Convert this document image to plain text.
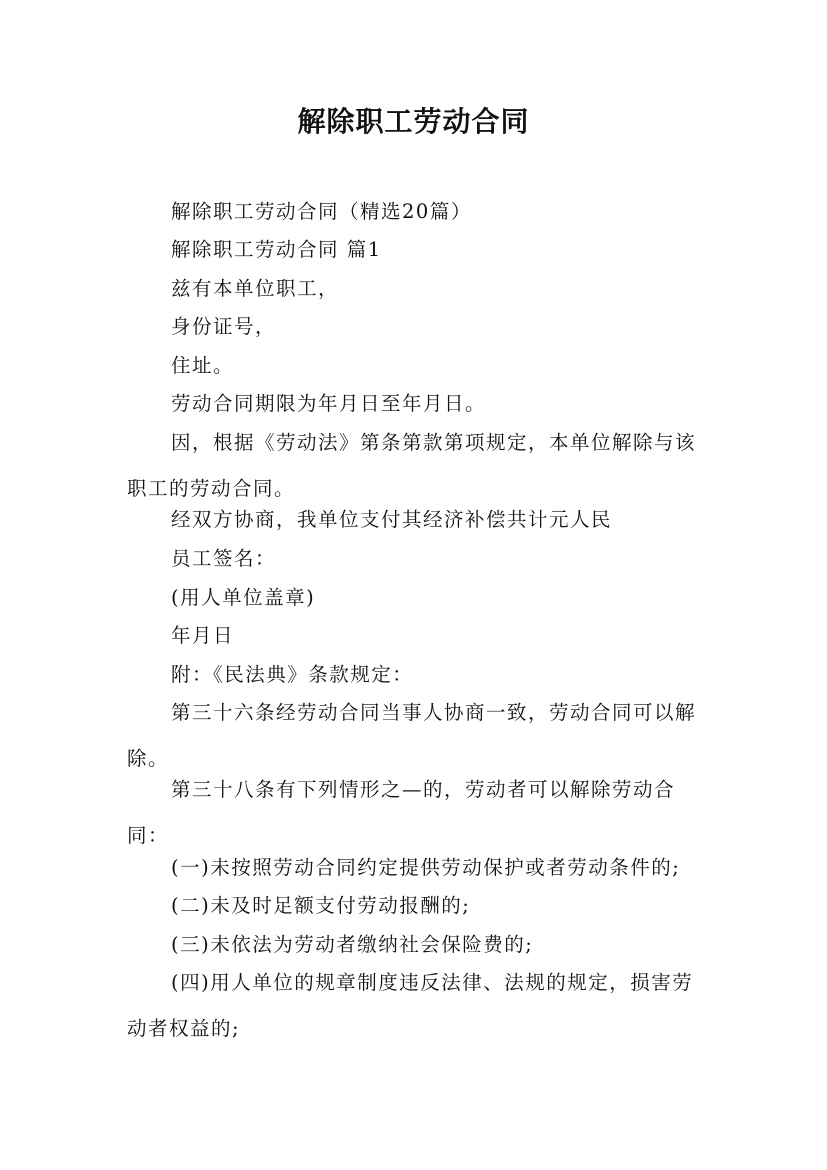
解除职工劳动合同
解除职工劳动合同（精选20篇）
解除职工劳动合同 篇1
兹有本单位职工，
身份证号，
住址。
劳动合同期限为年月日至年月日。
因，根据《劳动法》第条第款第项规定，本单位解除与该职工的劳动合同。
经双方协商，我单位支付其经济补偿共计元人民
员工签名：
(用人单位盖章)
年月日
附：《民法典》条款规定：
第三十六条经劳动合同当事人协商一致，劳动合同可以解除。
第三十八条有下列情形之—的，劳动者可以解除劳动合同：
(一)未按照劳动合同约定提供劳动保护或者劳动条件的;
(二)未及时足额支付劳动报酬的;
(三)未依法为劳动者缴纳社会保险费的;
(四)用人单位的规章制度违反法律、法规的规定，损害劳动者权益的;
